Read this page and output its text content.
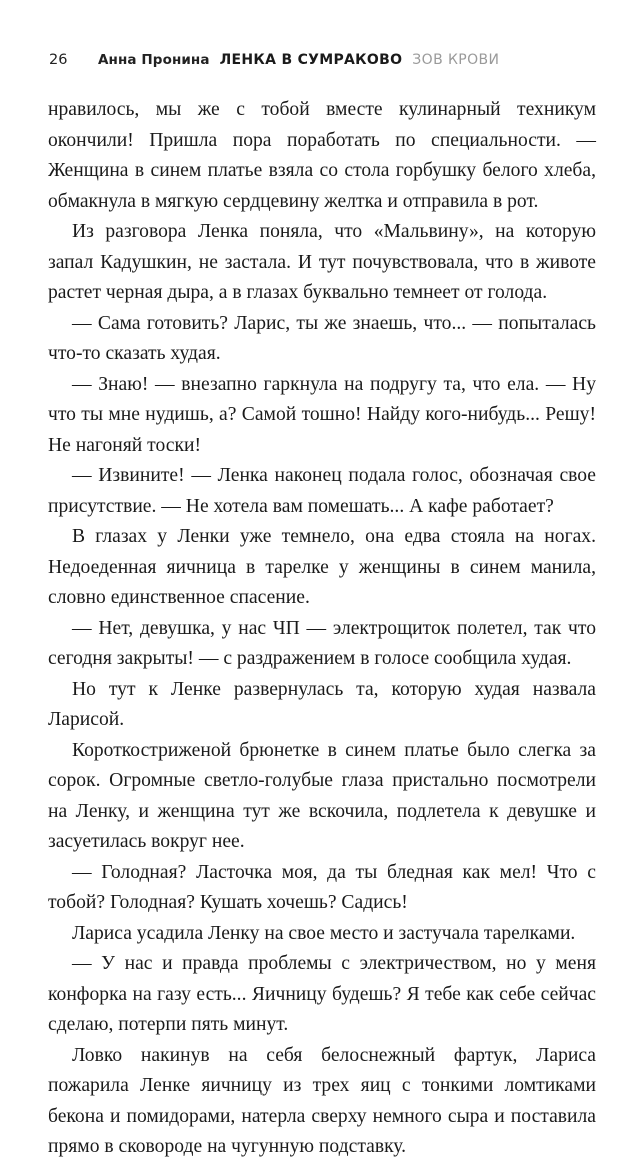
26	Анна Пронина ЛЕНКА В СУМРАКОВО ЗОВ КРОВИ

нравилось, мы же с тобой вместе кулинарный техникум окончили! Пришла пора поработать по специальности. — Женщина в синем платье взяла со стола горбушку белого хлеба, обмакнула в мягкую сердцевину желтка и отправила в рот.

Из разговора Ленка поняла, что «Мальвину», на которую запал Кадушкин, не застала. И тут почувствовала, что в животе растет черная дыра, а в глазах буквально темнеет от голода.

— Сама готовить? Ларис, ты же знаешь, что... — попыталась что-то сказать худая.

— Знаю! — внезапно гаркнула на подругу та, что ела. — Ну что ты мне нудишь, а? Самой тошно! Найду кого-нибудь... Решу! Не нагоняй тоски!

— Извините! — Ленка наконец подала голос, обозначая свое присутствие. — Не хотела вам помешать... А кафе работает?

В глазах у Ленки уже темнело, она едва стояла на ногах. Недоеденная яичница в тарелке у женщины в синем манила, словно единственное спасение.

— Нет, девушка, у нас ЧП — электрощиток полетел, так что сегодня закрыты! — с раздражением в голосе сообщила худая.

Но тут к Ленке развернулась та, которую худая назвала Ларисой.

Короткостриженой брюнетке в синем платье было слегка за сорок. Огромные светло-голубые глаза пристально посмотрели на Ленку, и женщина тут же вскочила, подлетела к девушке и засуетилась вокруг нее.

— Голодная? Ласточка моя, да ты бледная как мел! Что с тобой? Голодная? Кушать хочешь? Садись!

Лариса усадила Ленку на свое место и застучала тарелками.

— У нас и правда проблемы с электричеством, но у меня конфорка на газу есть... Яичницу будешь? Я тебе как себе сейчас сделаю, потерпи пять минут.

Ловко накинув на себя белоснежный фартук, Лариса пожарила Ленке яичницу из трех яиц с тонкими ломтиками бекона и помидорами, натерла сверху немного сыра и поставила прямо в сковороде на чугунную подставку.
